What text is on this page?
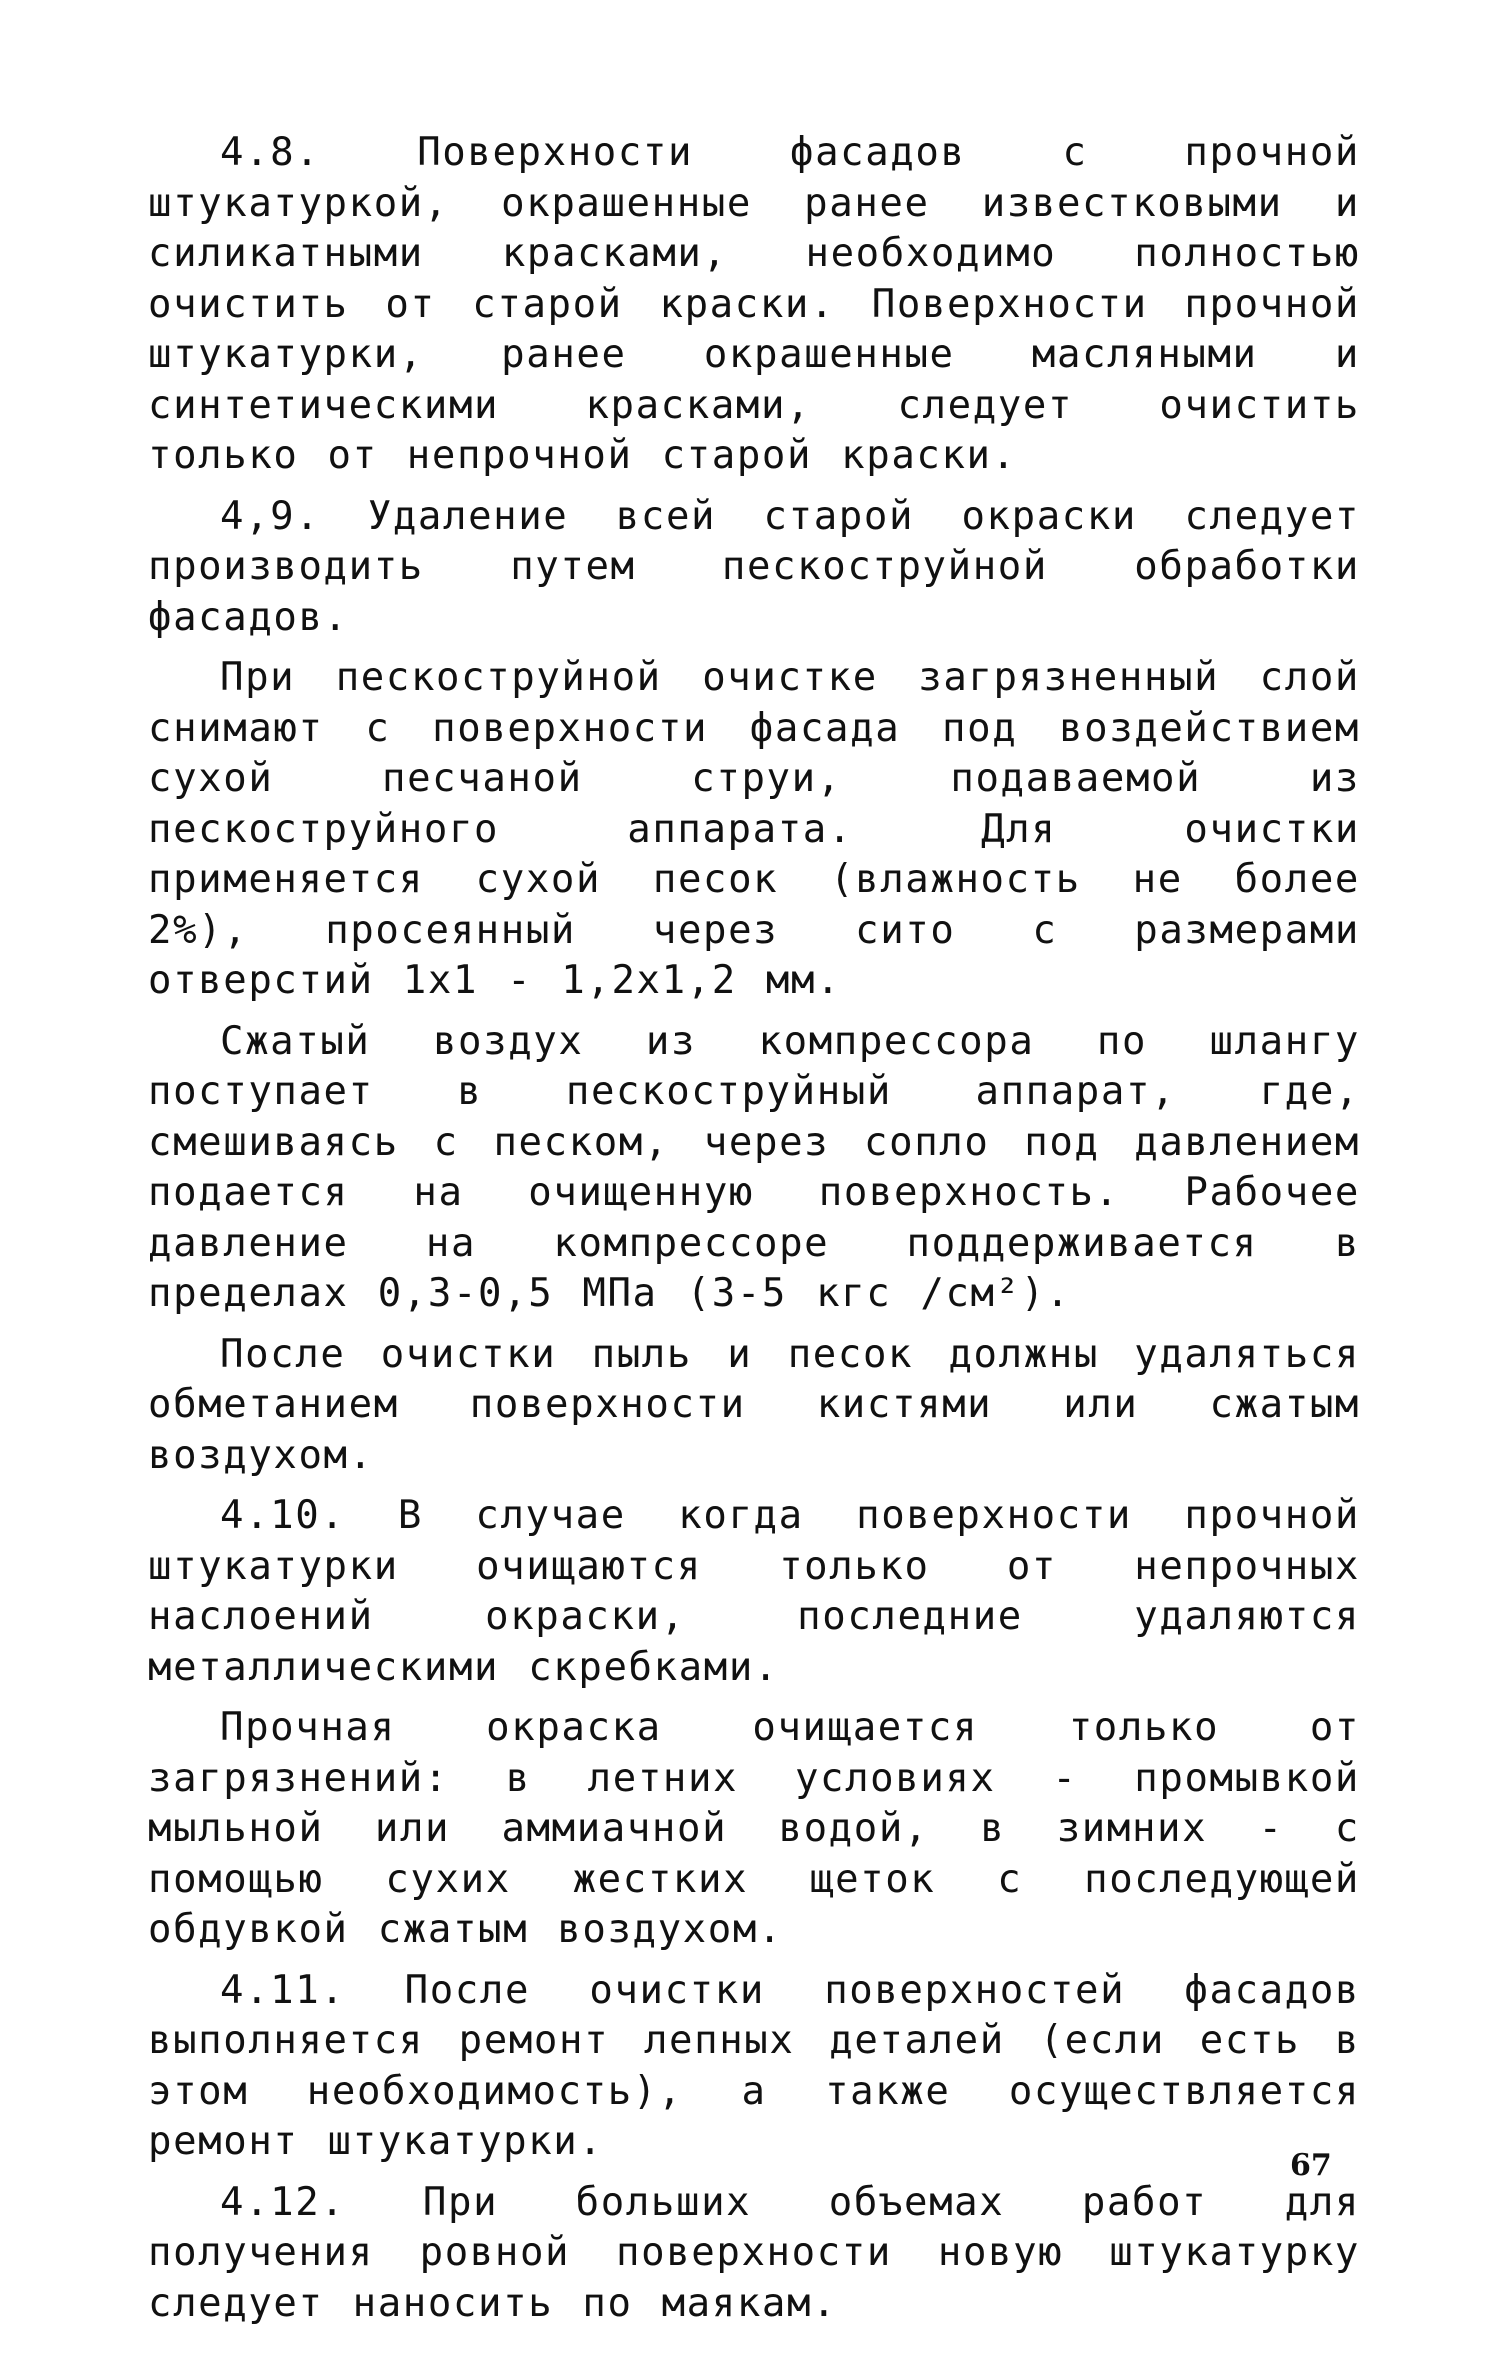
4.8. Поверхности фасадов с прочной штукатуркой, окрашенные ранее известковыми и силикатными красками, необходимо полностью очистить от старой краски. Поверхности прочной штукатурки, ранее окрашенные масляными и синтетическими красками, следует очистить только от непрочной старой краски.

4,9. Удаление всей старой окраски следует производить путем пескоструйной обработки фасадов.

При пескоструйной очистке загрязненный слой снимают с поверхности фасада под воздействием сухой песчаной струи, подаваемой из пескоструйного аппарата. Для очистки применяется сухой песок (влажность не более 2%), просеянный через сито с размерами отверстий 1х1 - 1,2х1,2 мм.

Сжатый воздух из компрессора по шлангу поступает в пескоструйный аппарат, где, смешиваясь с песком, через сопло под давлением подается на очищенную поверхность. Рабочее давление на компрессоре поддерживается в пределах 0,3-0,5 МПа (3-5 кгс /см²).

После очистки пыль и песок должны удаляться обметанием поверхности кистями или сжатым воздухом.

4.10. В случае когда поверхности прочной штукатурки очищаются только от непрочных наслоений окраски, последние удаляются металлическими скребками.

Прочная окраска очищается только от загрязнений: в летних условиях - промывкой мыльной или аммиачной водой, в зимних - с помощью сухих жестких щеток с последующей обдувкой сжатым воздухом.

4.11. После очистки поверхностей фасадов выполняется ремонт лепных деталей (если есть в этом необходимость), а также осуществляется ремонт штукатурки.

4.12. При больших объемах работ для получения ровной поверхности новую штукатурку следует наносить по маякам.

67
